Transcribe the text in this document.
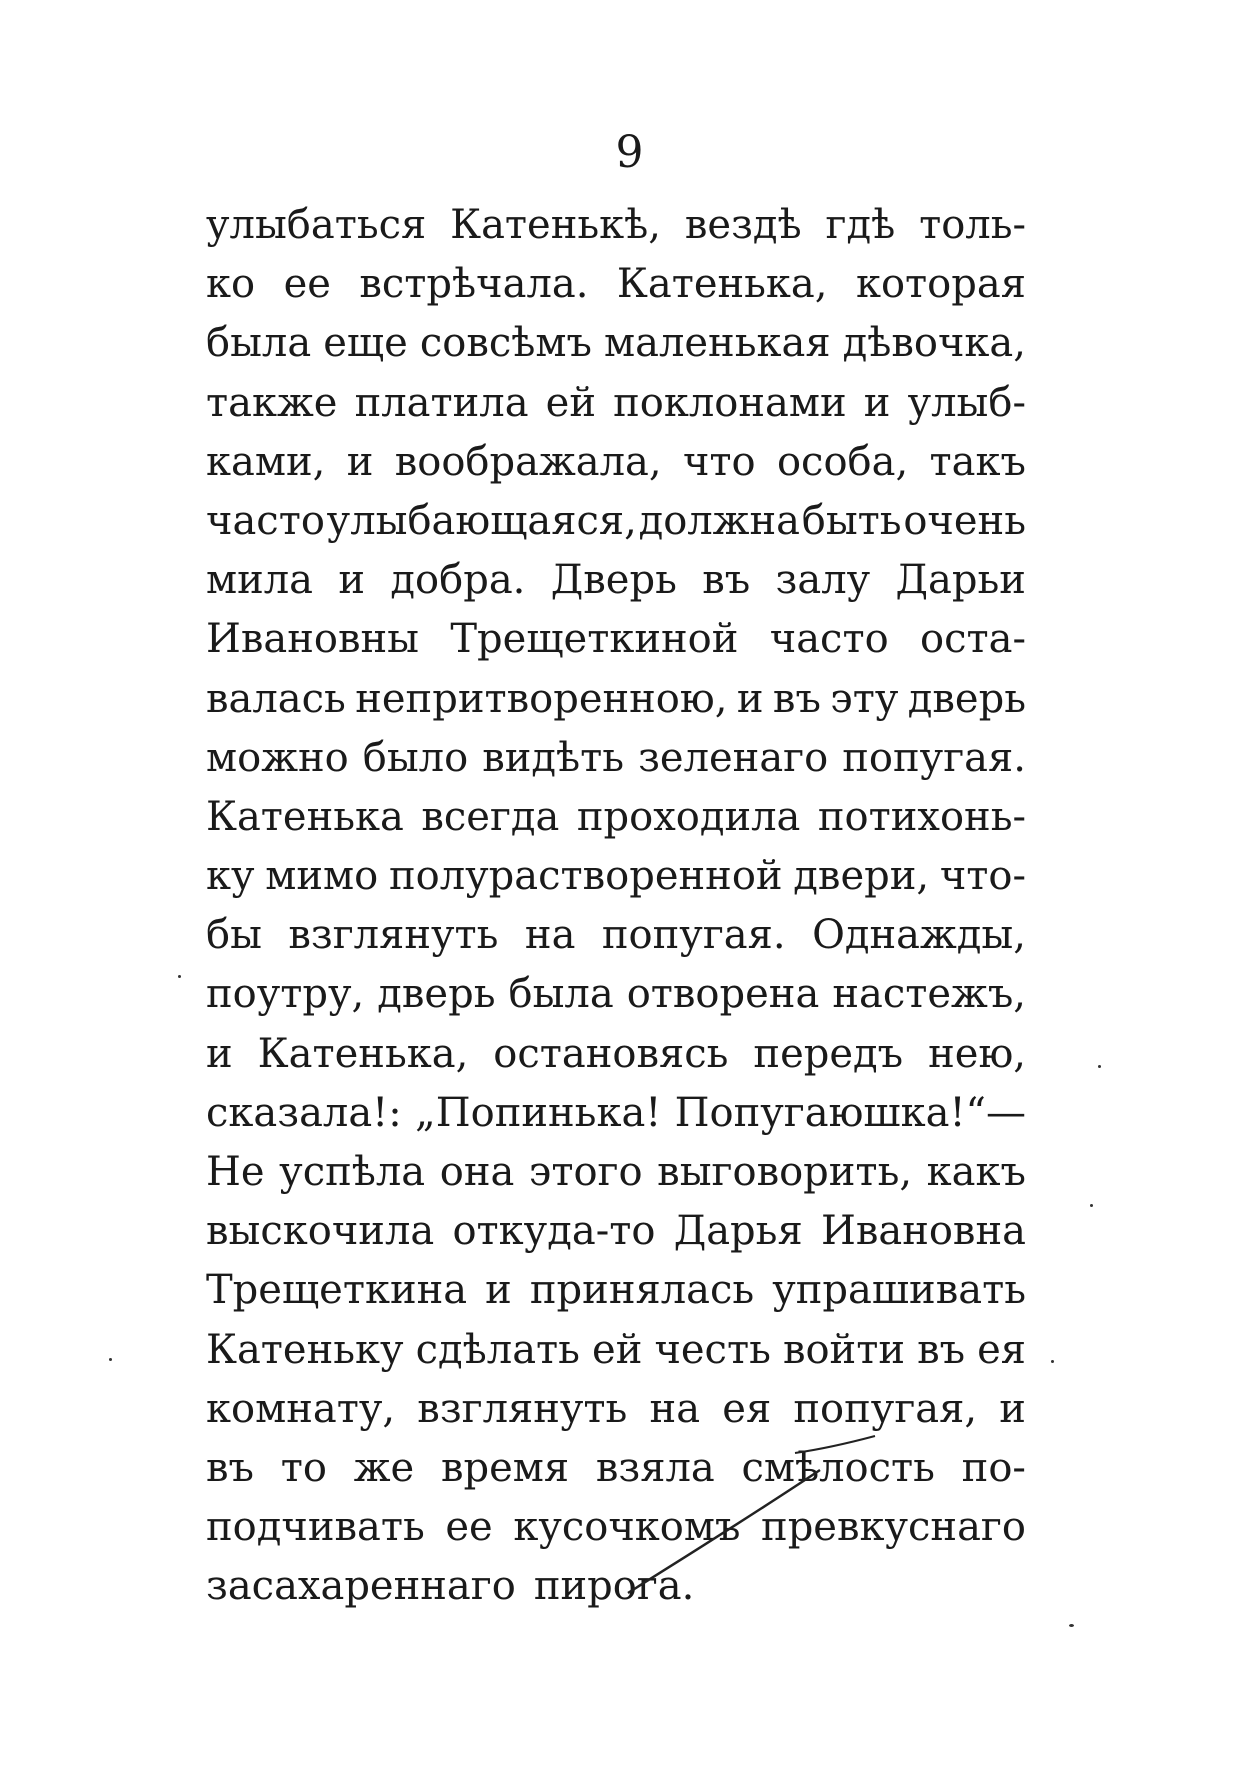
9
улыбаться Катенькѣ, вездѣ гдѣ толь-
ко ее встрѣчала. Катенька, которая
была еще совсѣмъ маленькая дѣвочка,
также платила ей поклонами и улыб-
ками, и воображала, что особа, такъ
часто улыбающаяся, должна быть очень
мила и добра. Дверь въ залу Дарьи
Ивановны Трещеткиной часто оста-
валась непритворенною, и въ эту дверь
можно было видѣть зеленаго попугая.
Катенька всегда проходила потихонь-
ку мимо полурастворенной двери, что-
бы взглянуть на попугая. Однажды,
поутру, дверь была отворена настежъ,
и Катенька, остановясь передъ нею,
сказала!: „Попинька! Попугаюшка!“—
Не успѣла она этого выговорить, какъ
выскочила откуда-то Дарья Ивановна
Трещеткина и принялась упрашивать
Катеньку сдѣлать ей честь войти въ ея
комнату, взглянуть на ея попугая, и
въ то же время взяла смѣлость по-
подчивать ее кусочкомъ превкуснаго
засахареннаго пирога.
